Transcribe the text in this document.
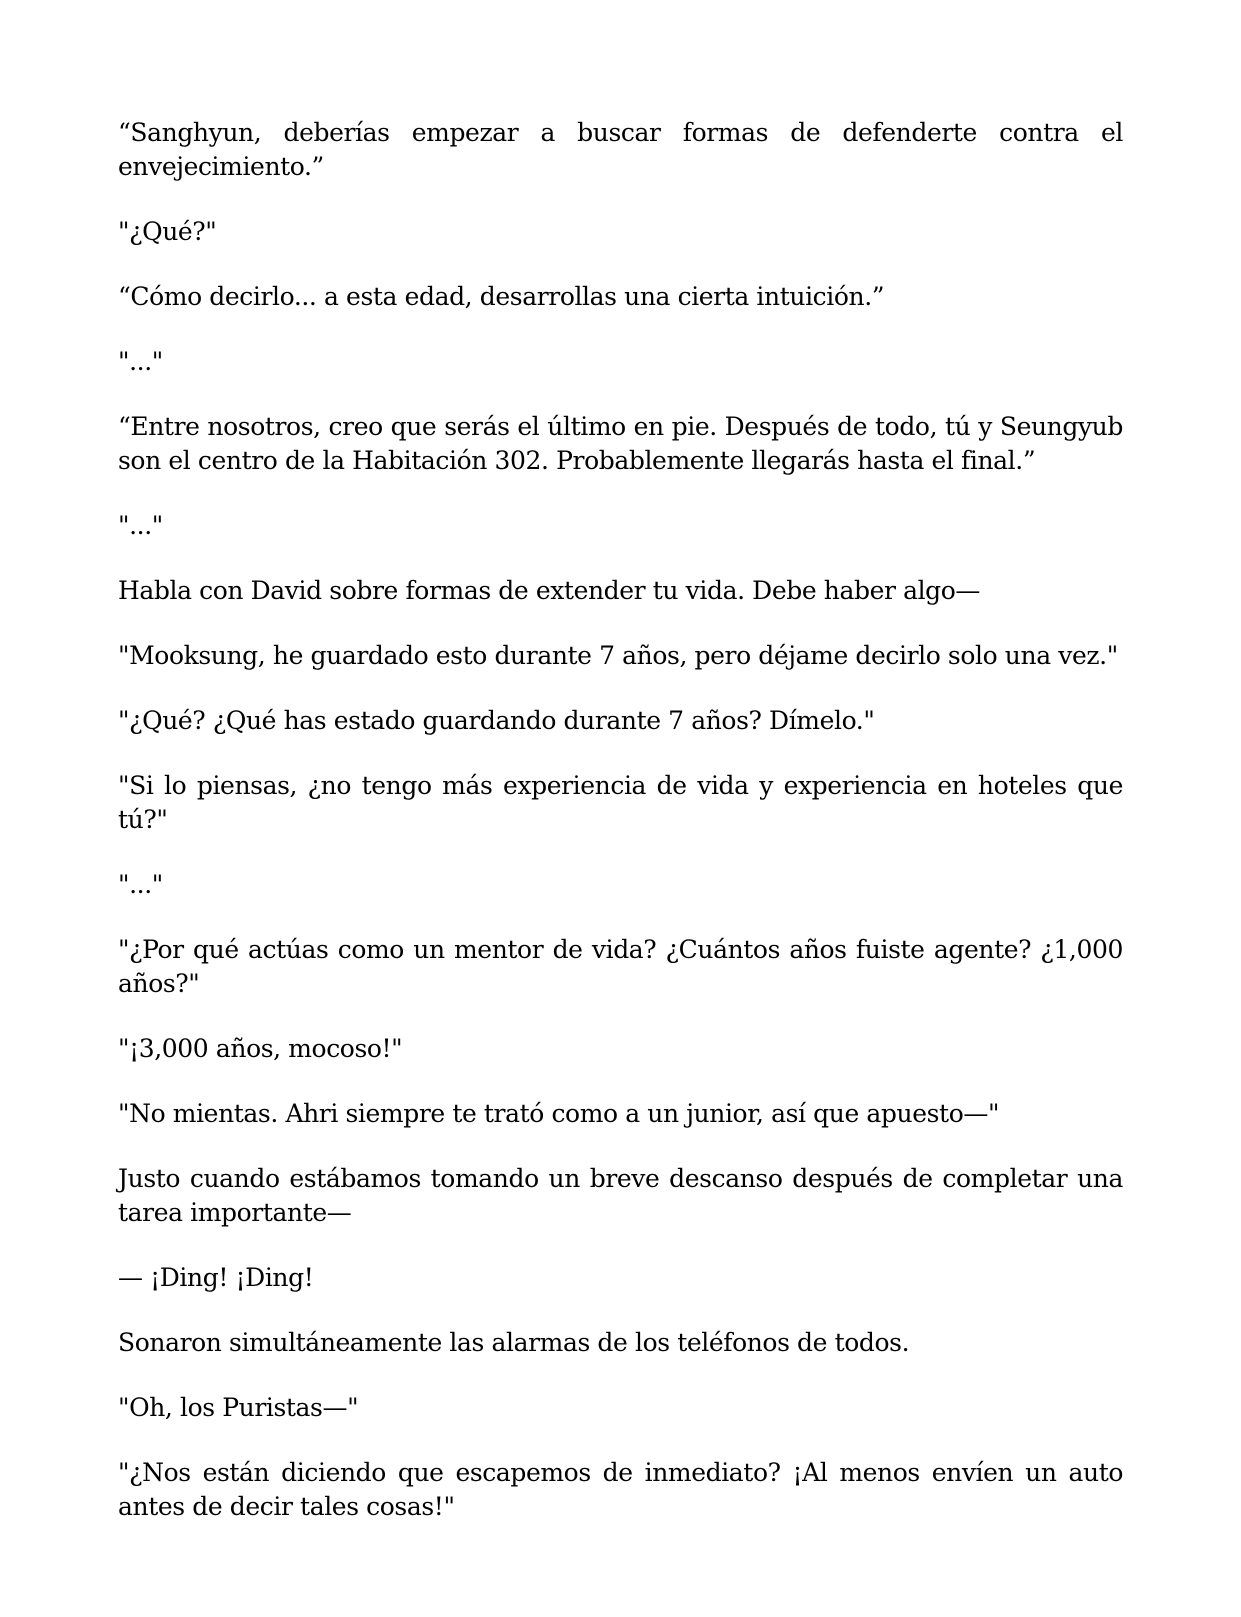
“Sanghyun, deberías empezar a buscar formas de defenderte contra el envejecimiento.”

"¿Qué?"

“Cómo decirlo... a esta edad, desarrollas una cierta intuición.”

"..."

“Entre nosotros, creo que serás el último en pie. Después de todo, tú y Seungyub son el centro de la Habitación 302. Probablemente llegarás hasta el final.”

"..."

Habla con David sobre formas de extender tu vida. Debe haber algo—

"Mooksung, he guardado esto durante 7 años, pero déjame decirlo solo una vez."

"¿Qué? ¿Qué has estado guardando durante 7 años? Dímelo."

"Si lo piensas, ¿no tengo más experiencia de vida y experiencia en hoteles que tú?"

"..."

"¿Por qué actúas como un mentor de vida? ¿Cuántos años fuiste agente? ¿1,000 años?"

"¡3,000 años, mocoso!"

"No mientas. Ahri siempre te trató como a un junior, así que apuesto—"

Justo cuando estábamos tomando un breve descanso después de completar una tarea importante—

— ¡Ding! ¡Ding!

Sonaron simultáneamente las alarmas de los teléfonos de todos.

"Oh, los Puristas—"

"¿Nos están diciendo que escapemos de inmediato? ¡Al menos envíen un auto antes de decir tales cosas!"
